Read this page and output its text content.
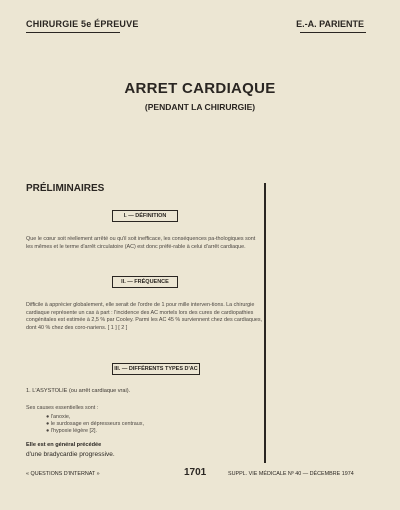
CHIRURGIE 5e ÉPREUVE	E.-A. PARIENTE
ARRET CARDIAQUE
(PENDANT LA CHIRURGIE)
PRÉLIMINAIRES
I. — DÉFINITION
Que le cœur soit réellement arrêté ou qu'il soit inefficace, les conséquences pa-thologiques sont les mêmes et le terme d'arrêt circulatoire (AC) est donc préfé-rable à celui d'arrêt cardiaque.
II. — FRÉQUENCE
Difficile à apprécier globalement, elle serait de l'ordre de 1 pour mille interven-tions. La chirurgie cardiaque représente un cas à part : l'incidence des AC mortels lors des cures de cardiopathies congénitales est estimée à 2,5 % par Cooley. Parmi les AC 45 % surviennent chez des cardiaques, dont 40 % chez des coro-nariens. [ 1 ] [ 2 ]
III. — DIFFÉRENTS TYPES D'AC
1. L'ASYSTOLIE (ou arrêt cardiaque vrai).
Ses causes essentielles sont :
● l'anoxie,
● le surdosage en dépresseurs centraux,
● l'hypoxie légère [2].
Elle est en général précédée
d'une bradycardie progressive.
« QUESTIONS D'INTERNAT »	1701	SUPPL. VIE MÉDICALE Nº 40 — DÉCEMBRE 1974
